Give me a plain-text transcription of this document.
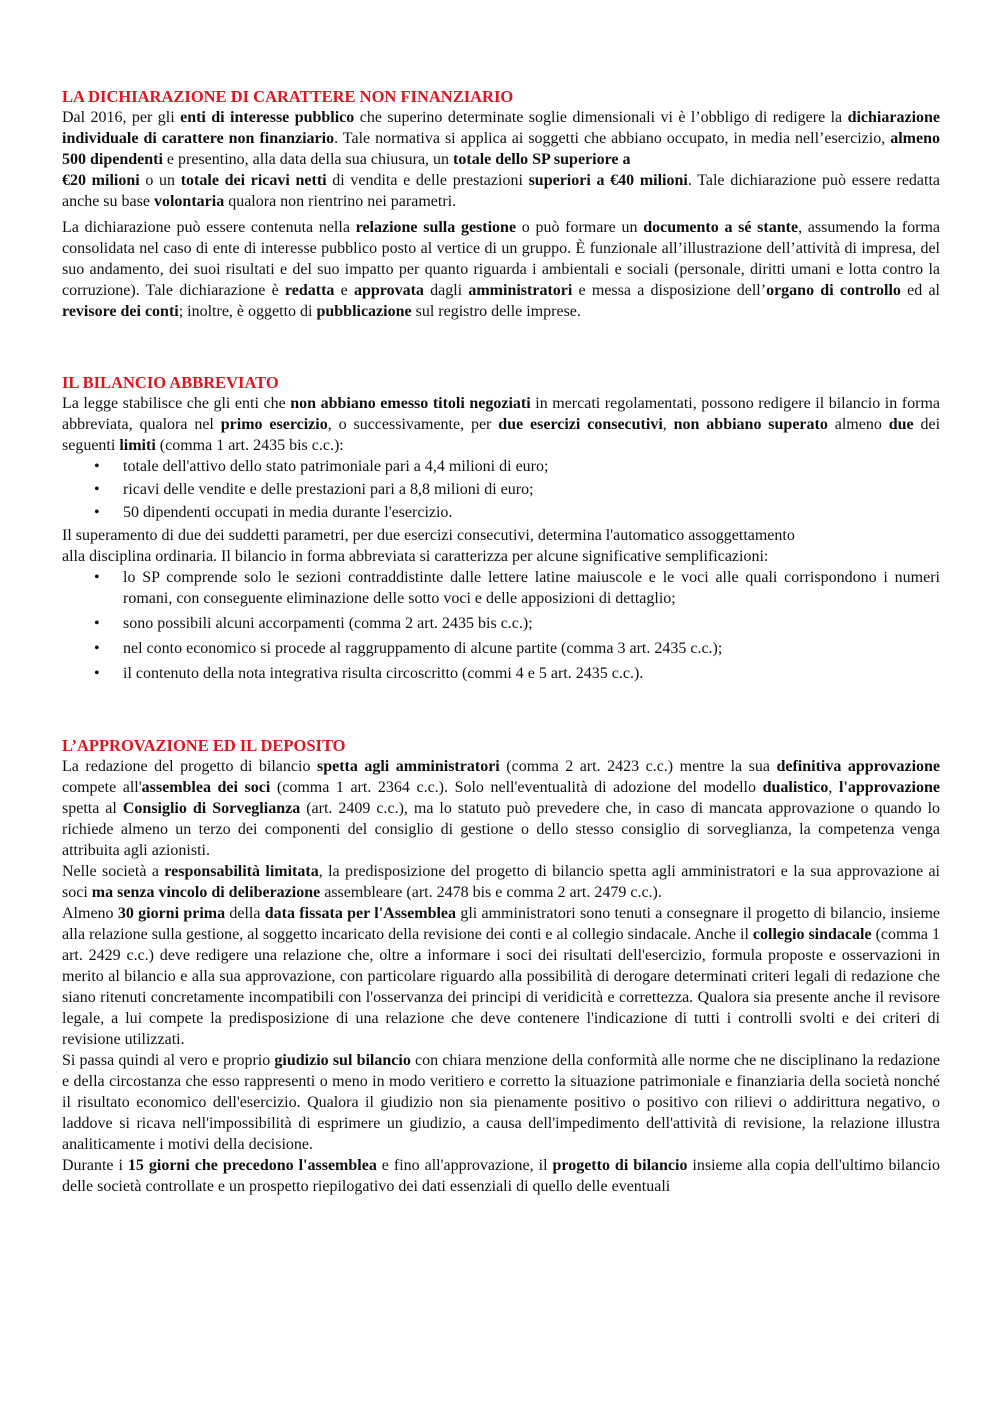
LA DICHIARAZIONE DI CARATTERE NON FINANZIARIO

Dal 2016, per gli enti di interesse pubblico che superino determinate soglie dimensionali vi è l’obbligo di redigere la dichiarazione individuale di carattere non finanziario. Tale normativa si applica ai soggetti che abbiano occupato, in media nell’esercizio, almeno 500 dipendenti e presentino, alla data della sua chiusura, un totale dello SP superiore a
€20 milioni o un totale dei ricavi netti di vendita e delle prestazioni superiori a €40 milioni. Tale dichiarazione può essere redatta anche su base volontaria qualora non rientrino nei parametri.

La dichiarazione può essere contenuta nella relazione sulla gestione o può formare un documento a sé stante, assumendo la forma consolidata nel caso di ente di interesse pubblico posto al vertice di un gruppo. È funzionale all’illustrazione dell’attività di impresa, del suo andamento, dei suoi risultati e del suo impatto per quanto riguarda i ambientali e sociali (personale, diritti umani e lotta contro la corruzione). Tale dichiarazione è redatta e approvata dagli amministratori e messa a disposizione dell’organo di controllo ed al revisore dei conti; inoltre, è oggetto di pubblicazione sul registro delle imprese.

IL BILANCIO ABBREVIATO

La legge stabilisce che gli enti che non abbiano emesso titoli negoziati in mercati regolamentati, possono redigere il bilancio in forma abbreviata, qualora nel primo esercizio, o successivamente, per due esercizi consecutivi, non abbiano superato almeno due dei seguenti limiti (comma 1 art. 2435 bis c.c.):

• totale dell'attivo dello stato patrimoniale pari a 4,4 milioni di euro;
• ricavi delle vendite e delle prestazioni pari a 8,8 milioni di euro;
• 50 dipendenti occupati in media durante l'esercizio.

Il superamento di due dei suddetti parametri, per due esercizi consecutivi, determina l'automatico assoggettamento
alla disciplina ordinaria. Il bilancio in forma abbreviata si caratterizza per alcune significative semplificazioni:

• lo SP comprende solo le sezioni contraddistinte dalle lettere latine maiuscole e le voci alle quali corrispondono i numeri romani, con conseguente eliminazione delle sotto voci e delle apposizioni di dettaglio;
• sono possibili alcuni accorpamenti (comma 2 art. 2435 bis c.c.);
• nel conto economico si procede al raggruppamento di alcune partite (comma 3 art. 2435 c.c.);
• il contenuto della nota integrativa risulta circoscritto (commi 4 e 5 art. 2435 c.c.).
L’APPROVAZIONE ED IL DEPOSITO

La redazione del progetto di bilancio spetta agli amministratori (comma 2 art. 2423 c.c.) mentre la sua definitiva approvazione compete all'assemblea dei soci (comma 1 art. 2364 c.c.). Solo nell'eventualità di adozione del modello dualistico, l'approvazione spetta al Consiglio di Sorveglianza (art. 2409 c.c.), ma lo statuto può prevedere che, in caso di mancata approvazione o quando lo richiede almeno un terzo dei componenti del consiglio di gestione o dello stesso consiglio di sorveglianza, la competenza venga attribuita agli azionisti.

Nelle società a responsabilità limitata, la predisposizione del progetto di bilancio spetta agli amministratori e la sua approvazione ai soci ma senza vincolo di deliberazione assembleare (art. 2478 bis e comma 2 art. 2479 c.c.).

Almeno 30 giorni prima della data fissata per l'Assemblea gli amministratori sono tenuti a consegnare il progetto di bilancio, insieme alla relazione sulla gestione, al soggetto incaricato della revisione dei conti e al collegio sindacale. Anche il collegio sindacale (comma 1 art. 2429 c.c.) deve redigere una relazione che, oltre a informare i soci dei risultati dell'esercizio, formula proposte e osservazioni in merito al bilancio e alla sua approvazione, con particolare riguardo alla possibilità di derogare determinati criteri legali di redazione che siano ritenuti concretamente incompatibili con l'osservanza dei principi di veridicità e correttezza. Qualora sia presente anche il revisore legale, a lui compete la predisposizione di una relazione che deve contenere l'indicazione di tutti i controlli svolti e dei criteri di revisione utilizzati.

Si passa quindi al vero e proprio giudizio sul bilancio con chiara menzione della conformità alle norme che ne disciplinano la redazione e della circostanza che esso rappresenti o meno in modo veritiero e corretto la situazione patrimoniale e finanziaria della società nonché il risultato economico dell'esercizio. Qualora il giudizio non sia pienamente positivo o positivo con rilievi o addirittura negativo, o laddove si ricava nell'impossibilità di esprimere un giudizio, a causa dell'impedimento dell'attività di revisione, la relazione illustra analiticamente i motivi della decisione.

Durante i 15 giorni che precedono l'assemblea e fino all'approvazione, il progetto di bilancio insieme alla copia dell'ultimo bilancio delle società controllate e un prospetto riepilogativo dei dati essenziali di quello delle eventuali
